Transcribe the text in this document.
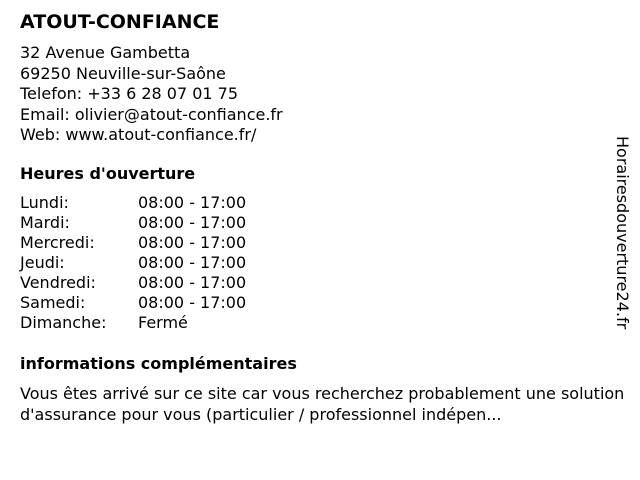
ATOUT-CONFIANCE
32 Avenue Gambetta
69250 Neuville-sur-Saône
Telefon: +33 6 28 07 01 75
Email: olivier@atout-confiance.fr
Web: www.atout-confiance.fr/
Heures d'ouverture
Lundi:	08:00 - 17:00
Mardi:	08:00 - 17:00
Mercredi:	08:00 - 17:00
Jeudi:	08:00 - 17:00
Vendredi:	08:00 - 17:00
Samedi:	08:00 - 17:00
Dimanche:	Fermé
informations complémentaires
Vous êtes arrivé sur ce site car vous recherchez probablement une solution d'assurance pour vous (particulier / professionnel indépen...
Horairesdouverture24.fr
